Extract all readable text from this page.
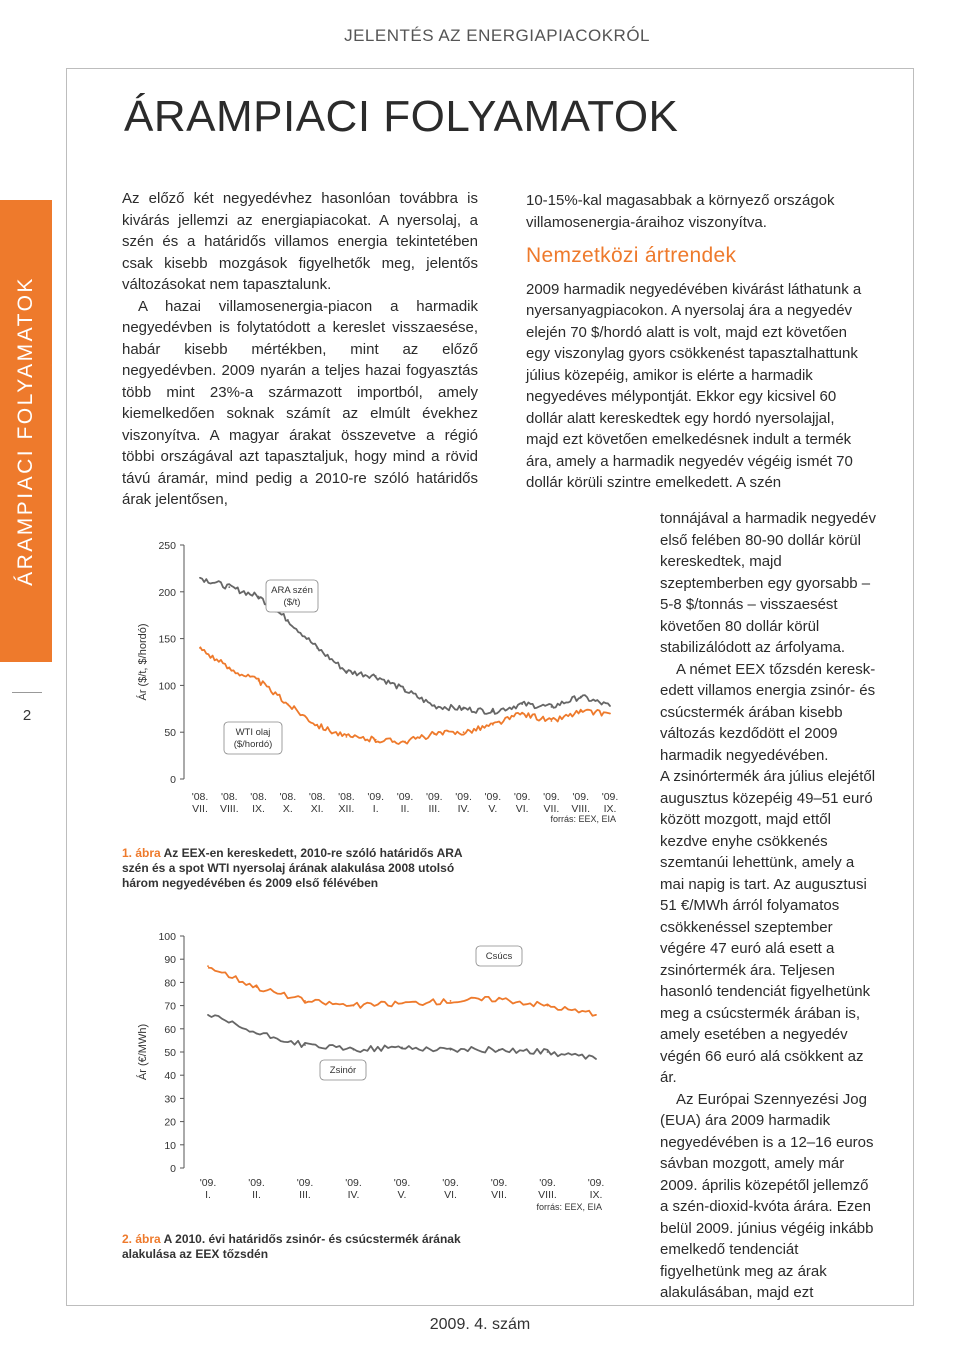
JELENTÉS AZ ENERGIAPIACOKRÓL
ÁRAMPIACI FOLYAMATOK
2
ÁRAMPIACI FOLYAMATOK

Az előző két negyedévhez hasonlóan továbbra is kivárás jellemzi az energiapiacokat. A nyersolaj, a szén és a határidős villamos energia tekintetében csak kisebb mozgások figyelhetők meg, jelentős változásokat nem tapasztalunk.

A hazai villamosenergia-piacon a harmadik negyedévben is folytatódott a kereslet visszaesése, habár kisebb mértékben, mint az előző negyedévben. 2009 nyarán a teljes hazai fogyasztás több mint 23%-a származott importból, amely kiemelkedően soknak számít az elmúlt évekhez viszonyítva. A magyar árakat összevetve a régió többi országával azt tapasztaljuk, hogy mind a rövid távú áramár, mind pedig a 2010-re szóló határidős árak jelentősen,

10-15%-kal magasabbak a környező országok villamosenergia-áraihoz viszonyítva.

Nemzetközi ártrendek

2009 harmadik negyedévében kivárást láthatunk a nyersanyagpiacokon. A nyersolaj ára a negyedév elején 70 $/hordó alatt is volt, majd ezt követően egy viszonylag gyors csökkenést tapasztalhattunk július közepéig, amikor is elérte a harmadik negyedéves mélypontját. Ekkor egy kicsivel 60 dollár alatt kereskedtek egy hordó nyersolajjal, majd ezt követően emelkedésnek indult a termék ára, amely a harmadik negyedév végéig ismét 70 dollár körüli szintre emelkedett. A szén

tonnájával a harmadik negyedév első felében 80-90 dollár körül kereskedtek, majd szeptemberben egy gyorsabb – 5-8 $/tonnás – visszaesést követően 80 dollár körül stabilizálódott az árfolyama.

A német EEX tőzsdén kereskedett villamos energia zsinór- és csúcstermék árában kisebb változás kezdődött el 2009 harmadik negyedévében.

A zsinórtermék ára július elejétől augusztus közepéig 49–51 euró között mozgott, majd ettől kezdve enyhe csökkenés szemtanúi lehettünk, amely a mai napig is tart. Az augusztusi 51 €/MWh árról folyamatos csökkenéssel szeptember végére 47 euró alá esett a zsinórtermék ára. Teljesen hasonló tendenciát figyelhetünk meg a csúcstermék árában is, amely esetében a negyedév végén 66 euró alá csökkent az ár.

Az Európai Szennyezési Jog (EUA) ára 2009 harmadik negyedévében is a 12–16 euros sávban mozgott, amely már 2009. április közepétől jellemző a szén-dioxid-kvóta árára. Ezen belül 2009. június végéig inkább emelkedő tendenciát figyelhetünk meg az árak alakulásában, majd ezt

0
50
100
150
200
250
Ár ($/t, $/hordó)
'08. VII.
'08. VIII.
'08. IX.
'08. X.
'08. XI.
'08. XII.
'09. I.
'09. II.
'09. III.
'09. IV.
'09. V.
'09. VI.
'09. VII.
'09. VIII.
'09. IX.
ARA szén
($/t)
WTI olaj
($/hordó)
forrás: EEX, EIA
1. ábra Az EEX-en kereskedett, 2010-re szóló határidős ARA szén és a spot WTI nyersolaj árának alakulása 2008 utolsó három negyedévében és 2009 első félévében
0
10
20
30
40
50
60
70
80
90
100
Ár (€/MWh)
'09. I.
'09. II.
'09. III.
'09. IV.
'09. V.
'09. VI.
'09. VII.
'09. VIII.
'09. IX.
Csúcs
Zsinór
forrás: EEX, EIA
2. ábra A 2010. évi határidős zsinór- és csúcstermék árának alakulása az EEX tőzsdén
2009. 4. szám
